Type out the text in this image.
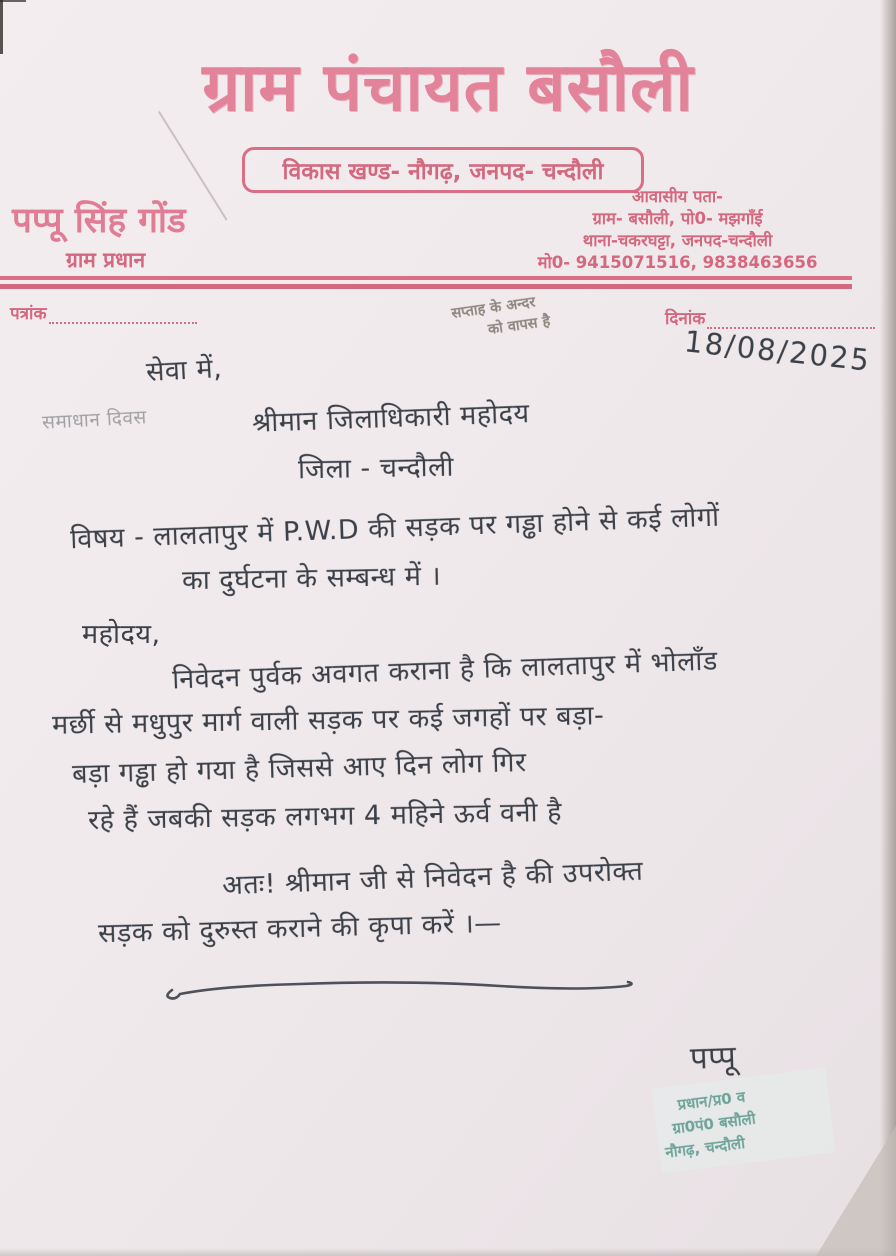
ग्राम पंचायत बसौली
विकास खण्ड- नौगढ़, जनपद- चन्दौली
पप्पू सिंह गोंड
ग्राम प्रधान
आवासीय पता-
ग्राम- बसौली, पो0- मझगाँई
थाना-चकरघट्टा, जनपद-चन्दौली
मो0- 9415071516, 9838463656
पत्रांक	दिनांक
सप्ताह के अन्दर
को वापस है	18/08/2025
सेवा में,
समाधान दिवस	श्रीमान जिलाधिकारी महोदय
जिला - चन्दौली
विषय - लालतापुर में P.W.D की सड़क पर गड्ढा होने से कई लोगों
का दुर्घटना के सम्बन्ध में ।
महोदय,
निवेदन पुर्वक अवगत कराना है कि लालतापुर में भोलाँड
मर्छी से मधुपुर मार्ग वाली सड़क पर कई जगहों पर बड़ा-
बड़ा गड्ढा हो गया है जिससे आए दिन लोग गिर
रहे हैं जबकी सड़क लगभग 4 महिने ऊर्व वनी है
अतः! श्रीमान जी से निवेदन है की उपरोक्त
सड़क को दुरुस्त कराने की कृपा करें ।—
पप्पू
प्रधान/प्र0 व
ग्रा0पं0 बसौली
नौगढ़, चन्दौली
